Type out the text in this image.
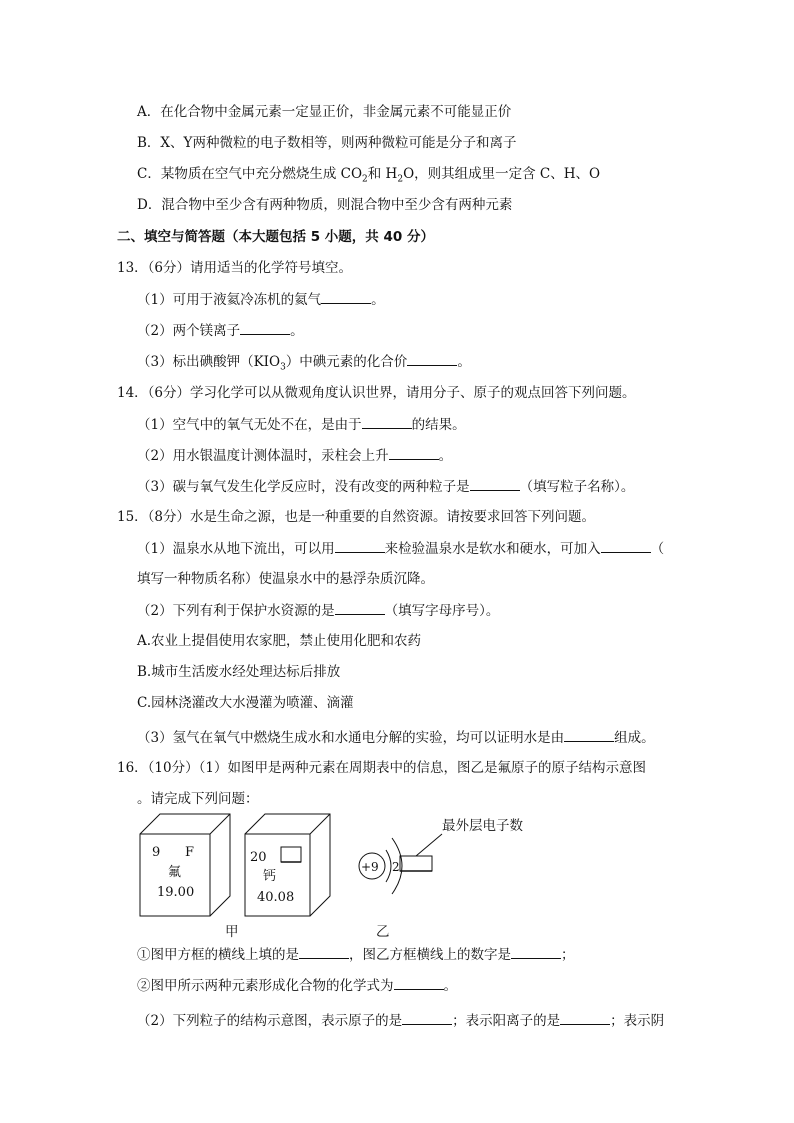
A．在化合物中金属元素一定显正价，非金属元素不可能显正价
B．X、Y两种微粒的电子数相等，则两种微粒可能是分子和离子
C．某物质在空气中充分燃烧生成 $CO_2$和 $H_2O$，则其组成里一定含 C、H、O
D．混合物中至少含有两种物质，则混合物中至少含有两种元素
二、填空与简答题（本大题包括 5 小题，共 40 分）
13．（6分）请用适当的化学符号填空。
（1）可用于液氦冷冻机的氦气	。
（2）两个镁离子	。
（3）标出碘酸钾$(KIO_3)$中碘元素的化合价	。
14．（6分）学习化学可以从微观角度认识世界，请用分子、原子的观点回答下列问题。
（1）空气中的氧气无处不在，是由于	的结果。
（2）用水银温度计测体温时，汞柱会上升	。
（3）碳与氧气发生化学反应时，没有改变的两种粒子是	（填写粒子名称）。
15．（8分）水是生命之源，也是一种重要的自然资源。请按要求回答下列问题。
（1）温泉水从地下流出，可以用	来检验温泉水是软水和硬水，可加入	（
填写一种物质名称）使温泉水中的悬浮杂质沉降。
（2）下列有利于保护水资源的是	（填写字母序号）。
A.农业上提倡使用农家肥，禁止使用化肥和农药
B.城市生活废水经处理达标后排放
C.园林浇灌改大水漫灌为喷灌、滴灌
（3）氢气在氧气中燃烧生成水和水通电分解的实验，均可以证明水是由	组成。
16．（10分）（1）如图甲是两种元素在周期表中的信息，图乙是氟原子的原子结构示意图
。请完成下列问题：
9 F
氟
19.00
20
钙
40.08
+9 2
最外层电子数
甲	乙
①图甲方框的横线上填的是	，图乙方框横线上的数字是	；
②图甲所示两种元素形成化合物的化学式为	。
（2）下列粒子的结构示意图，表示原子的是	；表示阳离子的是	；表示阴
